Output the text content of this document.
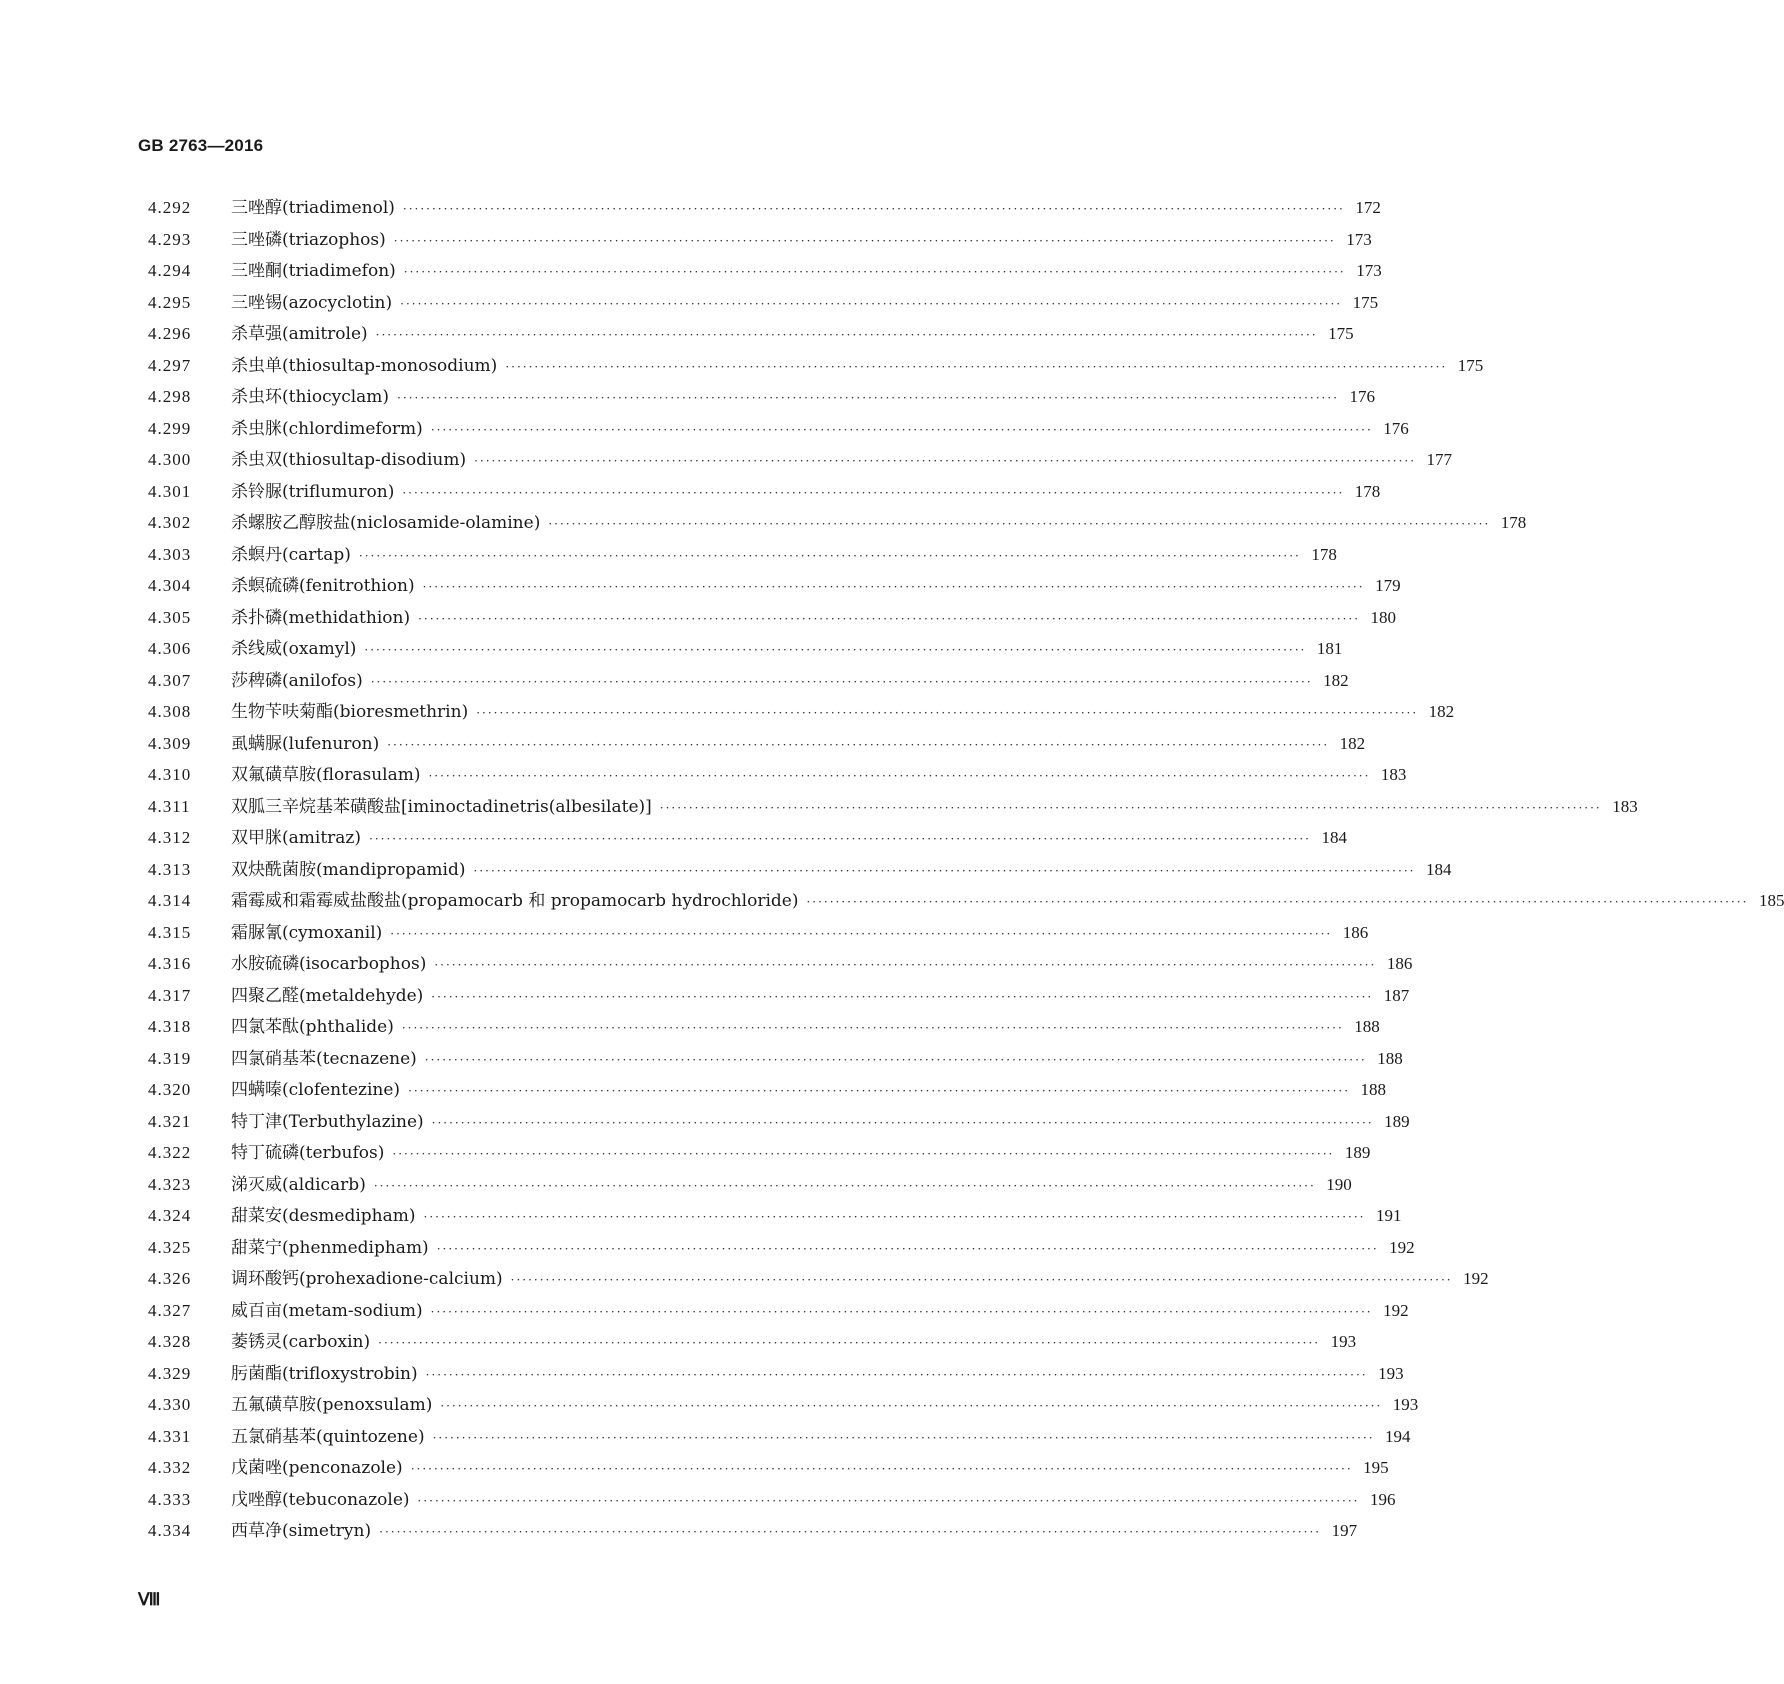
GB 2763—2016
4.292	三唑醇(triadimenol) ·····	172
4.293	三唑磷(triazophos) ·····	173
4.294	三唑酮(triadimefon) ·····	173
4.295	三唑锡(azocyclotin) ·····	175
4.296	杀草强(amitrole) ·····	175
4.297	杀虫单(thiosultap-monosodium) ·····	175
4.298	杀虫环(thiocyclam) ·····	176
4.299	杀虫脒(chlordimeform) ·····	176
4.300	杀虫双(thiosultap-disodium) ·····	177
4.301	杀铃脲(triflumuron) ·····	178
4.302	杀螺胺乙醇胺盐(niclosamide-olamine) ·····	178
4.303	杀螟丹(cartap) ·····	178
4.304	杀螟硫磷(fenitrothion) ·····	179
4.305	杀扑磷(methidathion) ·····	180
4.306	杀线威(oxamyl) ·····	181
4.307	莎稗磷(anilofos) ·····	182
4.308	生物苄呋菊酯(bioresmethrin) ·····	182
4.309	虱螨脲(lufenuron) ·····	182
4.310	双氟磺草胺(florasulam) ·····	183
4.311	双胍三辛烷基苯磺酸盐[iminoctadinetris(albesilate)] ·····	183
4.312	双甲脒(amitraz) ·····	184
4.313	双炔酰菌胺(mandipropamid) ·····	184
4.314	霜霉威和霜霉威盐酸盐(propamocarb 和 propamocarb hydrochloride) ·····	185
4.315	霜脲氰(cymoxanil) ·····	186
4.316	水胺硫磷(isocarbophos) ·····	186
4.317	四聚乙醛(metaldehyde) ·····	187
4.318	四氯苯酞(phthalide) ·····	188
4.319	四氯硝基苯(tecnazene) ·····	188
4.320	四螨嗪(clofentezine) ·····	188
4.321	特丁津(Terbuthylazine) ·····	189
4.322	特丁硫磷(terbufos) ·····	189
4.323	涕灭威(aldicarb) ·····	190
4.324	甜菜安(desmedipham) ·····	191
4.325	甜菜宁(phenmedipham) ·····	192
4.326	调环酸钙(prohexadione-calcium) ·····	192
4.327	威百亩(metam-sodium) ·····	192
4.328	萎锈灵(carboxin) ·····	193
4.329	肟菌酯(trifloxystrobin) ·····	193
4.330	五氟磺草胺(penoxsulam) ·····	193
4.331	五氯硝基苯(quintozene) ·····	194
4.332	戊菌唑(penconazole) ·····	195
4.333	戊唑醇(tebuconazole) ·····	196
4.334	西草净(simetryn) ·····	197
Ⅷ
